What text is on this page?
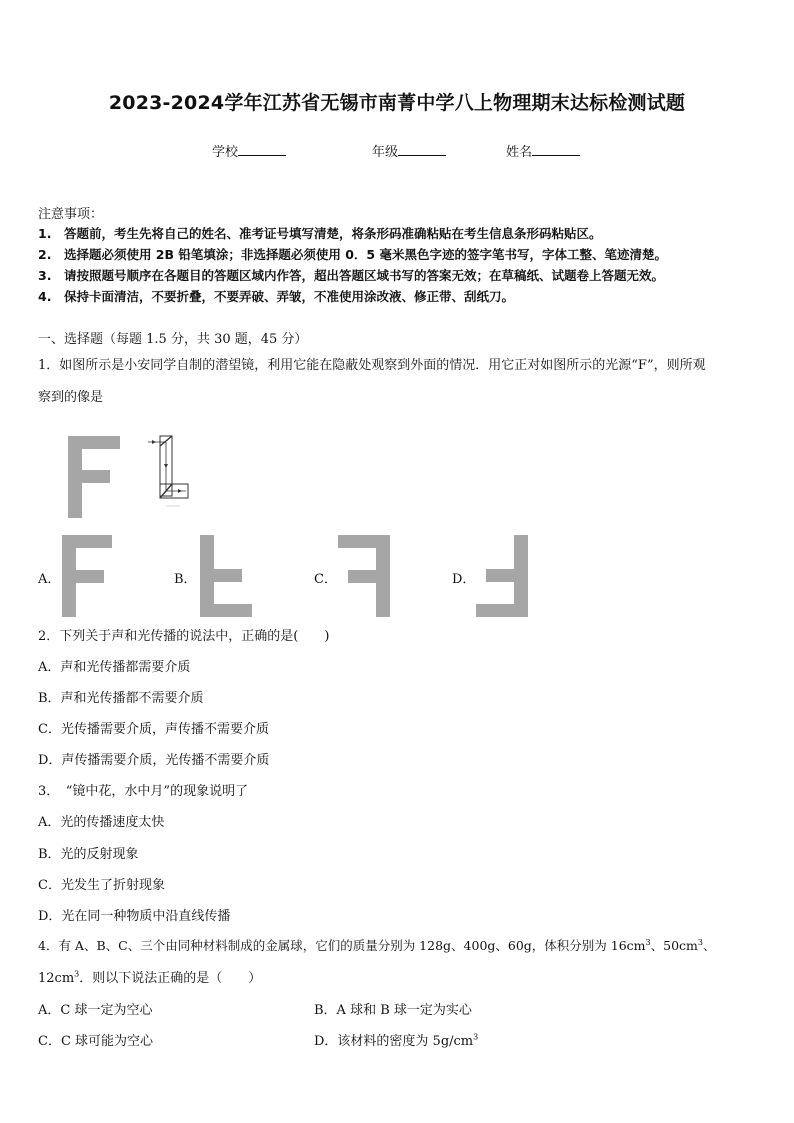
2023-2024学年江苏省无锡市南菁中学八上物理期末达标检测试题
学校	年级	姓名
注意事项：
1.　答题前，考生先将自己的姓名、准考证号填写清楚，将条形码准确粘贴在考生信息条形码粘贴区。
2.　选择题必须使用 2B 铅笔填涂；非选择题必须使用 0．5 毫米黑色字迹的签字笔书写，字体工整、笔迹清楚。
3.　请按照题号顺序在各题目的答题区域内作答，超出答题区域书写的答案无效；在草稿纸、试题卷上答题无效。
4.　保持卡面清洁，不要折叠，不要弄破、弄皱，不准使用涂改液、修正带、刮纸刀。
一、选择题（每题 1.5 分，共 30 题，45 分）
1．如图所示是小安同学自制的潜望镜，利用它能在隐蔽处观察到外面的情况．用它正对如图所示的光源“F”，则所观
察到的像是
A．	B．	C．	D．
2．下列关于声和光传播的说法中，正确的是(　　)
A．声和光传播都需要介质
B．声和光传播都不需要介质
C．光传播需要介质，声传播不需要介质
D．声传播需要介质，光传播不需要介质
3．　“镜中花，水中月”的现象说明了
A．光的传播速度太快
B．光的反射现象
C．光发生了折射现象
D．光在同一种物质中沿直线传播
4．有 A、B、C、三个由同种材料制成的金属球，它们的质量分别为 128g、400g、60g，体积分别为 $16cm^3$、$50cm^3$、
$12cm^3$．则以下说法正确的是（　　）
A．C 球一定为空心	B．A 球和 B 球一定为实心
C．C 球可能为空心	D．该材料的密度为 $5g/cm^3$
